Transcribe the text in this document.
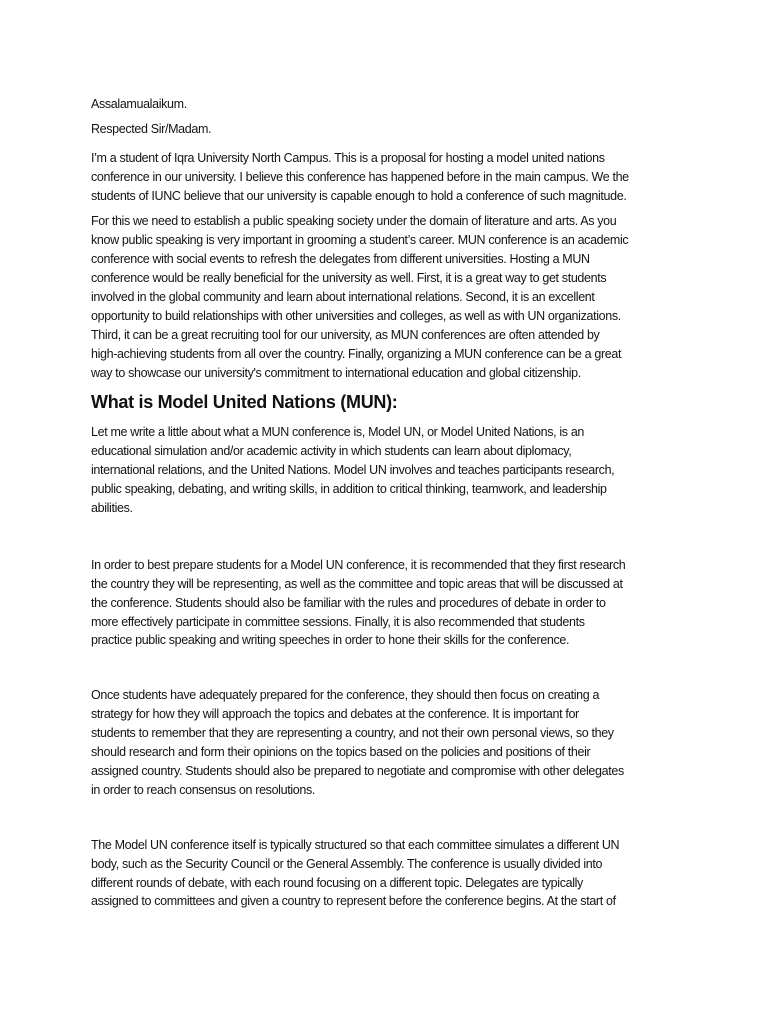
Assalamualaikum.
Respected Sir/Madam.
I’m a student of Iqra University North Campus. This is a proposal for hosting a model united nations
conference in our university. I believe this conference has happened before in the main campus. We the
students of IUNC believe that our university is capable enough to hold a conference of such magnitude.
For this we need to establish a public speaking society under the domain of literature and arts. As you
know public speaking is very important in grooming a student’s career. MUN conference is an academic
conference with social events to refresh the delegates from different universities. Hosting a MUN
conference would be really beneficial for the university as well. First, it is a great way to get students
involved in the global community and learn about international relations. Second, it is an excellent
opportunity to build relationships with other universities and colleges, as well as with UN organizations.
Third, it can be a great recruiting tool for our university, as MUN conferences are often attended by
high-achieving students from all over the country. Finally, organizing a MUN conference can be a great
way to showcase our university's commitment to international education and global citizenship.
What is Model United Nations (MUN):
Let me write a little about what a MUN conference is, Model UN, or Model United Nations, is an
educational simulation and/or academic activity in which students can learn about diplomacy,
international relations, and the United Nations. Model UN involves and teaches participants research,
public speaking, debating, and writing skills, in addition to critical thinking, teamwork, and leadership
abilities.
In order to best prepare students for a Model UN conference, it is recommended that they first research
the country they will be representing, as well as the committee and topic areas that will be discussed at
the conference. Students should also be familiar with the rules and procedures of debate in order to
more effectively participate in committee sessions. Finally, it is also recommended that students
practice public speaking and writing speeches in order to hone their skills for the conference.
Once students have adequately prepared for the conference, they should then focus on creating a
strategy for how they will approach the topics and debates at the conference. It is important for
students to remember that they are representing a country, and not their own personal views, so they
should research and form their opinions on the topics based on the policies and positions of their
assigned country. Students should also be prepared to negotiate and compromise with other delegates
in order to reach consensus on resolutions.
The Model UN conference itself is typically structured so that each committee simulates a different UN
body, such as the Security Council or the General Assembly. The conference is usually divided into
different rounds of debate, with each round focusing on a different topic. Delegates are typically
assigned to committees and given a country to represent before the conference begins. At the start of
